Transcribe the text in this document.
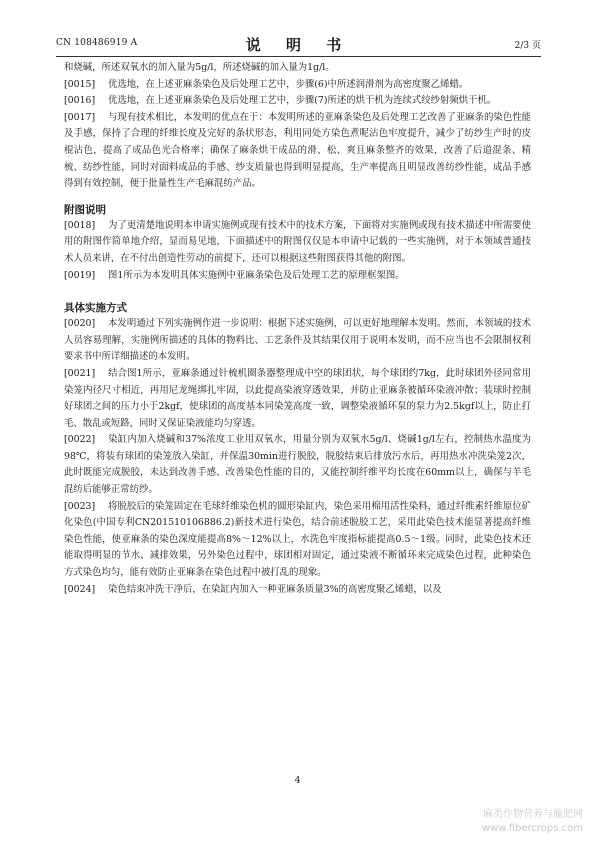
CN 108486919 A	说 明 书	2/3 页
和烧碱，所述双氧水的加入量为5g/l，所述烧碱的加入量为1g/l。
[0015] 优选地，在上述亚麻条染色及后处理工艺中，步骤(6)中所述润滑剂为高密度聚乙烯蜡。
[0016] 优选地，在上述亚麻条染色及后处理工艺中，步骤(7)所述的烘干机为连续式绞纱射频烘干机。
[0017] 与现有技术相比，本发明的优点在于：本发明所述的亚麻条染色及后处理工艺改善了亚麻条的染色性能及手感，保持了合理的纤维长度及完好的条状形态，利用同处方染色煮呢沾色牢度提升，减少了纺纱生产时的皮棍沾色，提高了成品色光合格率；确保了麻条烘干成品的滑、松、爽且麻条整齐的效果，改善了后道混条、精梳、纺纱性能，同时对面料成品的手感、纱支质量也得到明显提高，生产率提高且明显改善纺纱性能，成品手感得到有效控制，便于批量性生产毛麻混纺产品。
附图说明
[0018] 为了更清楚地说明本申请实施例或现有技术中的技术方案，下面将对实施例或现有技术描述中所需要使用的附图作简单地介绍，显而易见地，下面描述中的附图仅仅是本申请中记载的一些实施例，对于本领域普通技术人员来讲，在不付出创造性劳动的前提下，还可以根据这些附图获得其他的附图。
[0019] 图1所示为本发明具体实施例中亚麻条染色及后处理工艺的原理框架图。
具体实施方式
[0020] 本发明通过下列实施例作进一步说明：根据下述实施例，可以更好地理解本发明。然而，本领域的技术人员容易理解，实施例所描述的具体的物料比、工艺条件及其结果仅用于说明本发明，而不应当也不会限制权利要求书中所详细描述的本发明。
[0021] 结合图1所示，亚麻条通过针梳机圈条器整理成中空的球团状，每个球团约7kg，此时球团外径同常用染笼内径尺寸相近，再用尼龙绳绑扎牢固，以此提高染液穿透效果，并防止亚麻条被循环染液冲散；装球时控制好球团之间的压力小于2kgf，使球团的高度基本同染笼高度一致，调整染液循环泵的泵力为2.5kgf以上，防止打毛、散乱或短路，同时又保证染液能均匀穿透。
[0022] 染缸内加入烧碱和37%浓度工业用双氧水，用量分别为双氧水5g/l、烧碱1g/l左右，控制热水温度为98℃，将装有球团的染笼放入染缸，并保温30min进行脱胶，脱胶结束后排放污水后，再用热水冲洗染笼2次，此时既能完成脱胶，未达到改善手感、改善染色性能的目的，又能控制纤维平均长度在60mm以上，确保与羊毛混纺后能够正常纺纱。
[0023] 将脱胶后的染笼固定在毛球纤维染色机的圆形染缸内，染色采用棉用活性染料，通过纤维素纤维原位矿化染色(中国专利CN201510106886.2)新技术进行染色，结合前述脱胶工艺，采用此染色技术能显著提高纤维染色性能，使亚麻条的染色深度能提高8%～12%以上，水洗色牢度指标能提高0.5～1级。同时，此染色技术还能取得明显的节水、减排效果，另外染色过程中，球团相对固定，通过染液不断循环来完成染色过程，此种染色方式染色均匀，能有效防止亚麻条在染色过程中被打乱的现象。
[0024] 染色结束冲洗干净后，在染缸内加入一种亚麻条质量3%的高密度聚乙烯蜡，以及
4
麻类作物营养与施肥网
www.fibercrops.com
